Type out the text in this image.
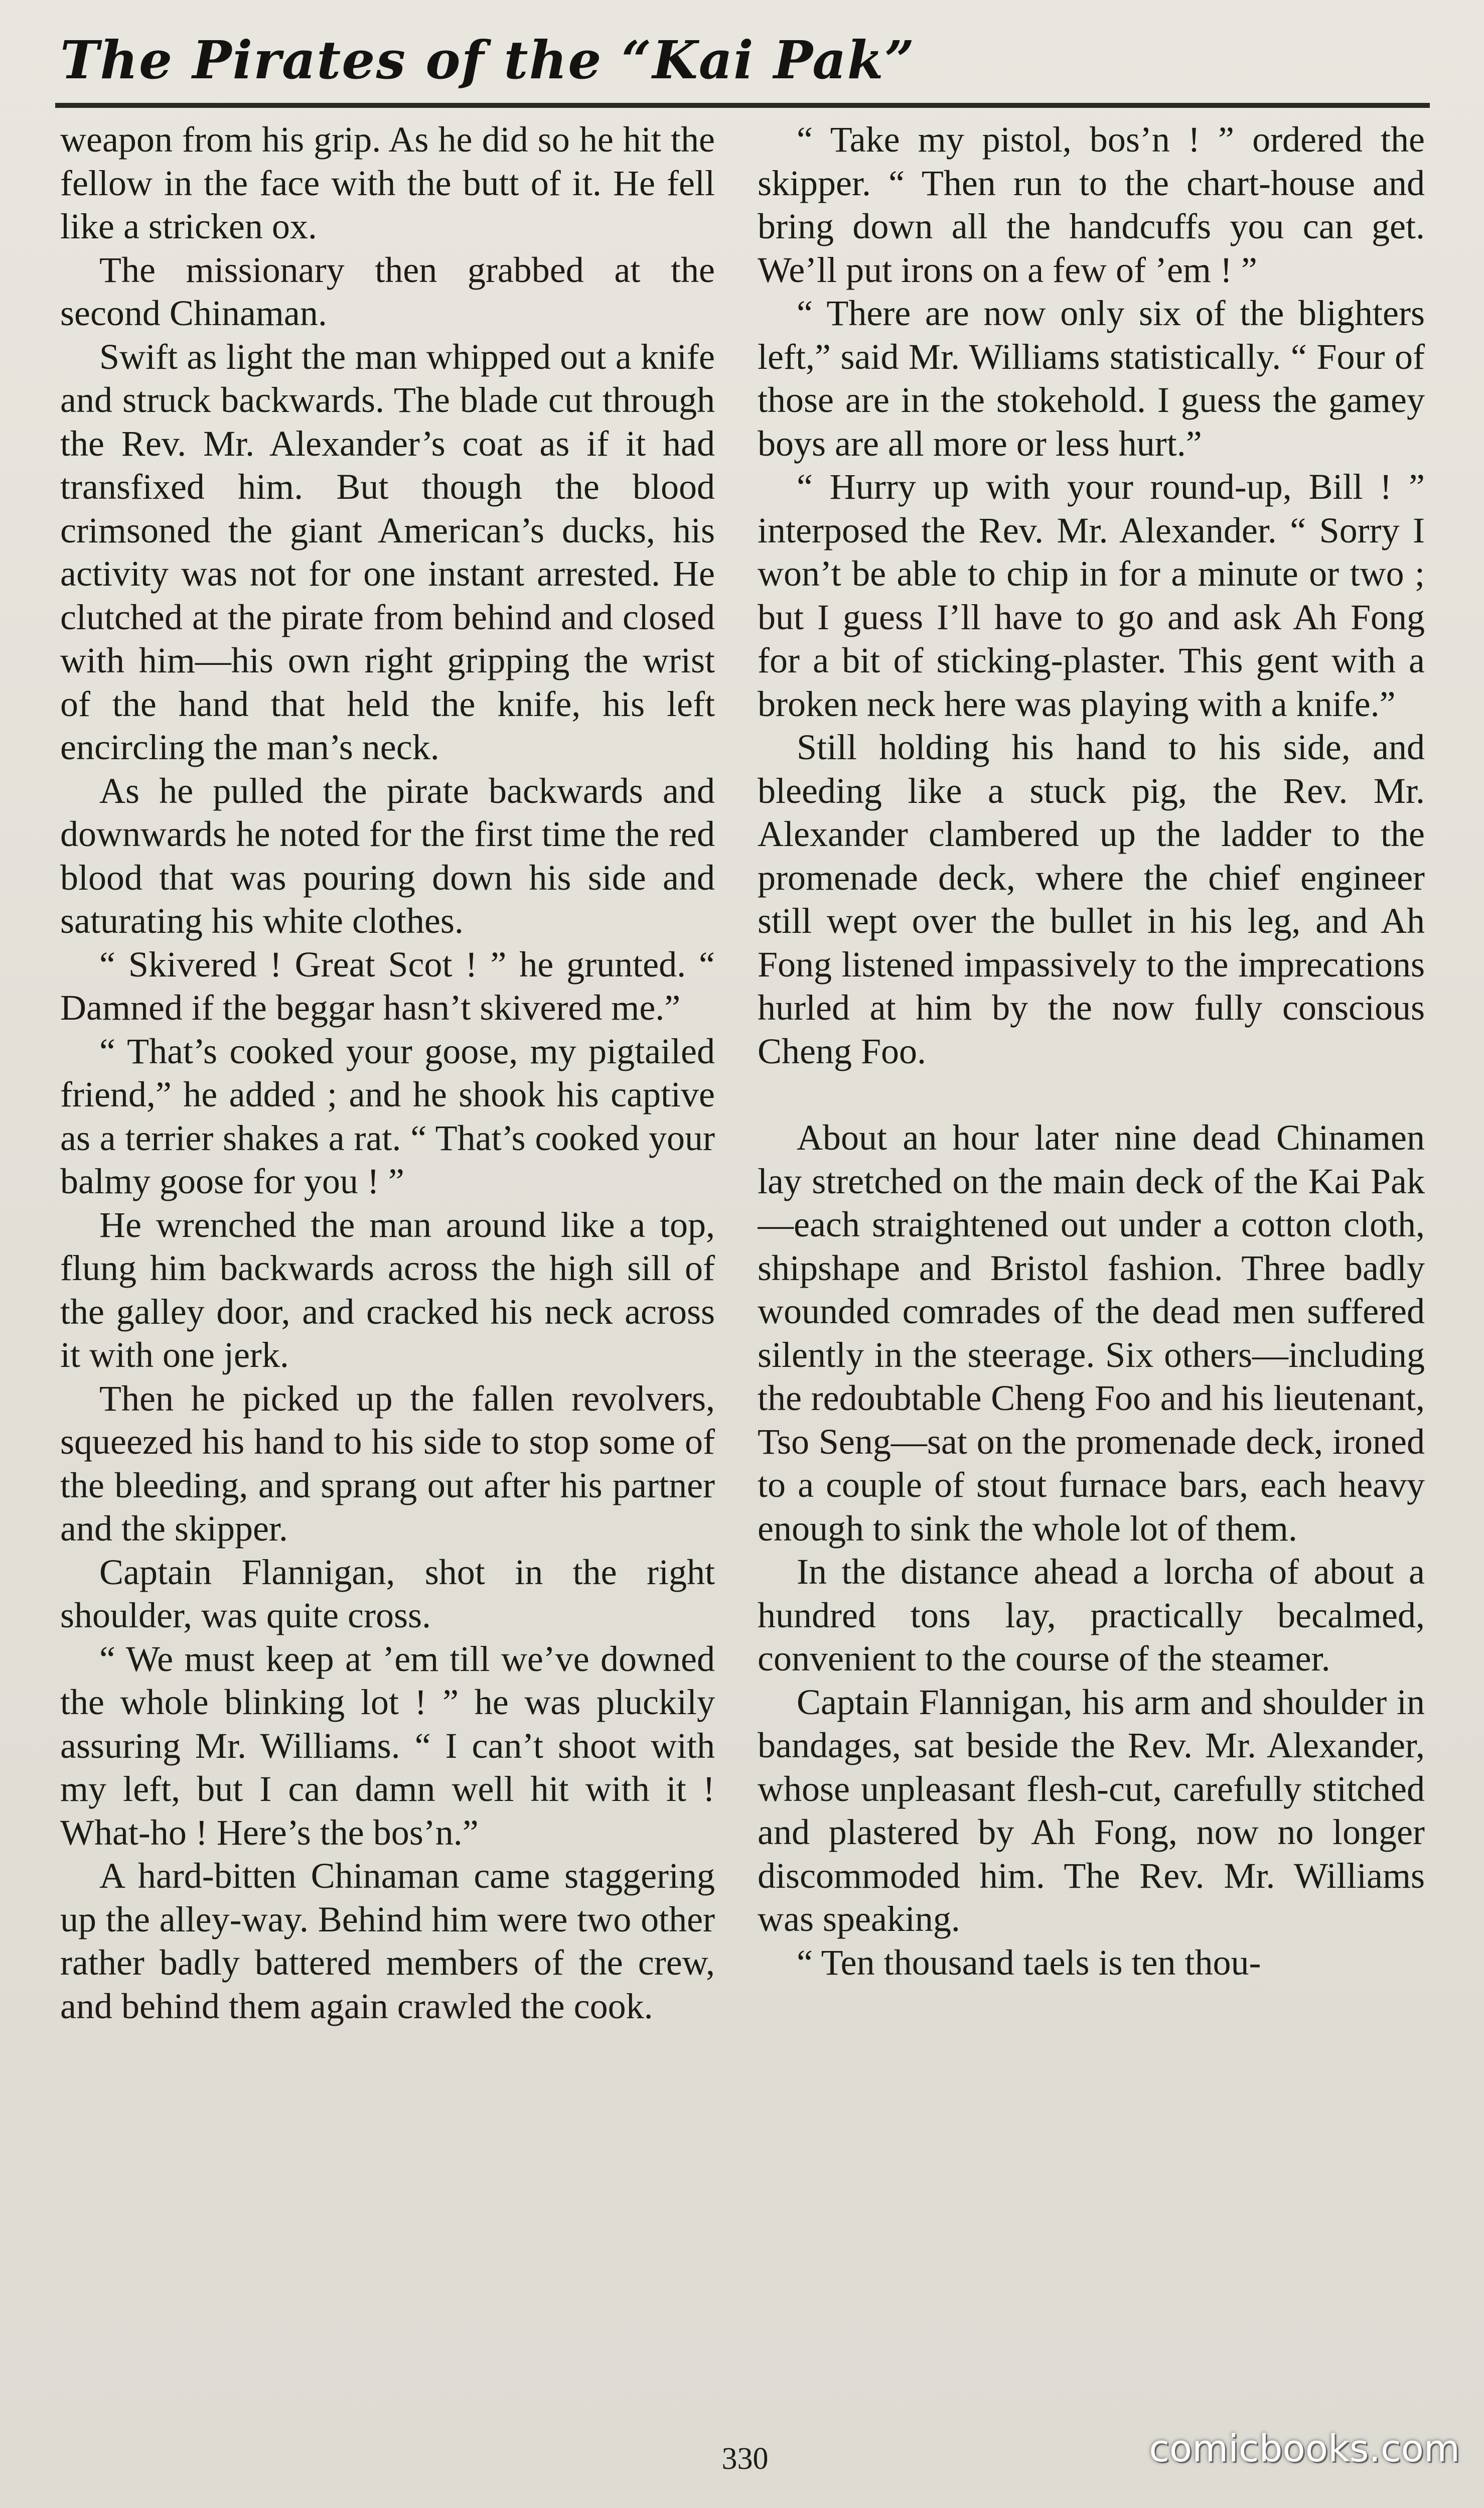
The Pirates of the “Kai Pak”

weapon from his grip. As he did so he hit the fellow in the face with the butt of it. He fell like a stricken ox.

The missionary then grabbed at the second Chinaman.

Swift as light the man whipped out a knife and struck backwards. The blade cut through the Rev. Mr. Alexander’s coat as if it had transfixed him. But though the blood crimsoned the giant American’s ducks, his activity was not for one instant arrested. He clutched at the pirate from behind and closed with him—his own right gripping the wrist of the hand that held the knife, his left encircling the man’s neck.

As he pulled the pirate backwards and downwards he noted for the first time the red blood that was pouring down his side and saturating his white clothes.

“ Skivered ! Great Scot ! ” he grunted. “ Damned if the beggar hasn’t skivered me.”

“ That’s cooked your goose, my pigtailed friend,” he added ; and he shook his captive as a terrier shakes a rat. “ That’s cooked your balmy goose for you ! ”

He wrenched the man around like a top, flung him backwards across the high sill of the galley door, and cracked his neck across it with one jerk.

Then he picked up the fallen revolvers, squeezed his hand to his side to stop some of the bleeding, and sprang out after his partner and the skipper.

Captain Flannigan, shot in the right shoulder, was quite cross.

“ We must keep at ’em till we’ve downed the whole blinking lot ! ” he was pluckily assuring Mr. Williams. “ I can’t shoot with my left, but I can damn well hit with it ! What-ho ! Here’s the bos’n.”

A hard-bitten Chinaman came staggering up the alley-way. Behind him were two other rather badly battered members of the crew, and behind them again crawled the cook.

“ Take my pistol, bos’n ! ” ordered the skipper. “ Then run to the chart-house and bring down all the handcuffs you can get. We’ll put irons on a few of ’em ! ”

“ There are now only six of the blighters left,” said Mr. Williams statistically. “ Four of those are in the stokehold. I guess the gamey boys are all more or less hurt.”

“ Hurry up with your round-up, Bill ! ” interposed the Rev. Mr. Alexander. “ Sorry I won’t be able to chip in for a minute or two ; but I guess I’ll have to go and ask Ah Fong for a bit of sticking-plaster. This gent with a broken neck here was playing with a knife.”

Still holding his hand to his side, and bleeding like a stuck pig, the Rev. Mr. Alexander clambered up the ladder to the promenade deck, where the chief engineer still wept over the bullet in his leg, and Ah Fong listened impassively to the imprecations hurled at him by the now fully conscious Cheng Foo.

About an hour later nine dead Chinamen lay stretched on the main deck of the Kai Pak—each straightened out under a cotton cloth, shipshape and Bristol fashion. Three badly wounded comrades of the dead men suffered silently in the steerage. Six others—including the redoubtable Cheng Foo and his lieutenant, Tso Seng—sat on the promenade deck, ironed to a couple of stout furnace bars, each heavy enough to sink the whole lot of them.

In the distance ahead a lorcha of about a hundred tons lay, practically becalmed, convenient to the course of the steamer.

Captain Flannigan, his arm and shoulder in bandages, sat beside the Rev. Mr. Alexander, whose unpleasant flesh-cut, carefully stitched and plastered by Ah Fong, now no longer discommoded him. The Rev. Mr. Williams was speaking.

“ Ten thousand taels is ten thou-

330	comicbooks.com
